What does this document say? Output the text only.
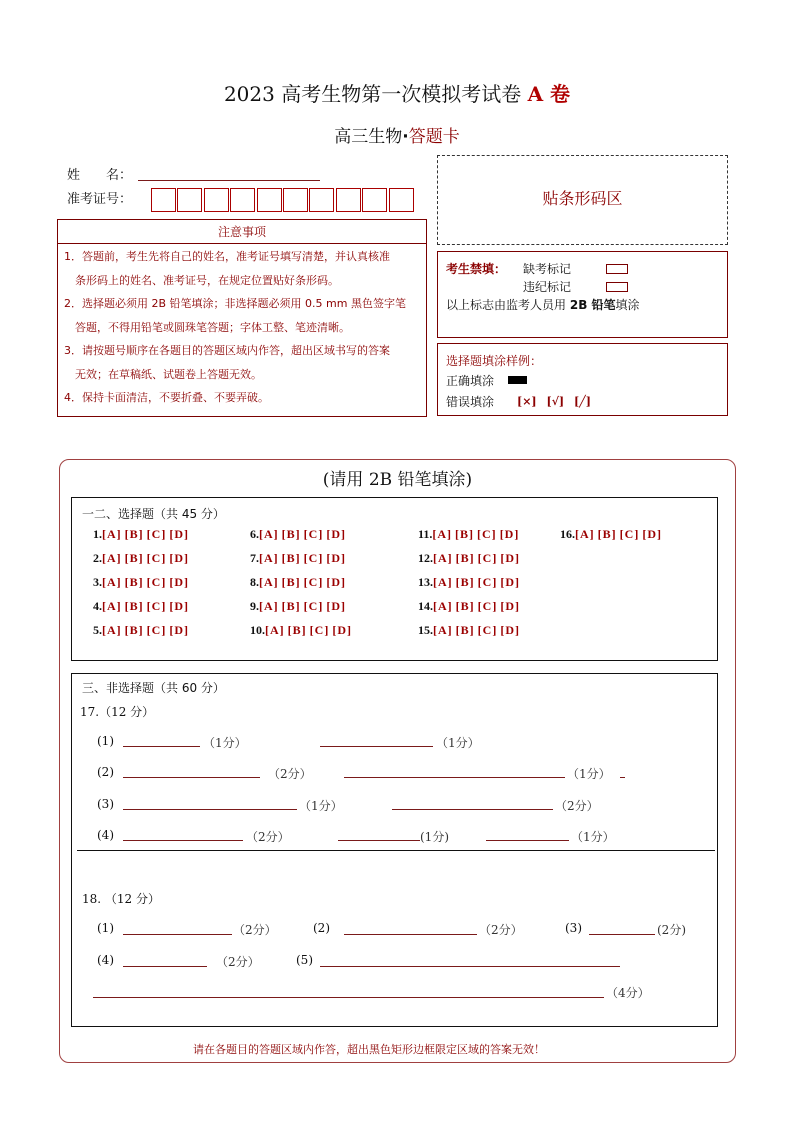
2023 高考生物第一次模拟考试卷 A 卷
高三生物·答题卡
姓　　名：
准考证号：	贴条形码区
注意事项
1．答题前，考生先将自己的姓名，准考证号填写清楚，并认真核准
　条形码上的姓名、准考证号，在规定位置贴好条形码。
2．选择题必须用 2B 铅笔填涂；非选择题必须用 0.5 mm 黑色签字笔
　答题，不得用铅笔或圆珠笔答题；字体工整、笔迹清晰。
3．请按题号顺序在各题目的答题区域内作答，超出区域书写的答案
　无效；在草稿纸、试题卷上答题无效。
4．保持卡面清洁，不要折叠、不要弄破。
考生禁填： 缺考标记
违纪标记
以上标志由监考人员用 2B 铅笔填涂
选择题填涂样例：
正确填涂
错误填涂 [×] [√] [╱]
(请用 2B 铅笔填涂)
一二、选择题（共 45 分）
1.[A] [B] [C] [D]
2.[A] [B] [C] [D]
3.[A] [B] [C] [D]
4.[A] [B] [C] [D]
5.[A] [B] [C] [D]
6.[A] [B] [C] [D]
7.[A] [B] [C] [D]
8.[A] [B] [C] [D]
9.[A] [B] [C] [D]
10.[A] [B] [C] [D]
11.[A] [B] [C] [D]
12.[A] [B] [C] [D]
13.[A] [B] [C] [D]
14.[A] [B] [C] [D]
15.[A] [B] [C] [D]
16.[A] [B] [C] [D]
三、非选择题（共 60 分）
17.（12 分）
(1)	（1分）	（1分）
(2)	（2分）	（1分）
(3)	（1分）	（2分）
(4)	（2分）	(1分)	（1分）
18. （12 分）
(1)	（2分）	(2)	（2分）	(3)	(2分)
(4)	（2分）	(5)
（4分）
请在各题目的答题区域内作答，超出黑色矩形边框限定区域的答案无效！
